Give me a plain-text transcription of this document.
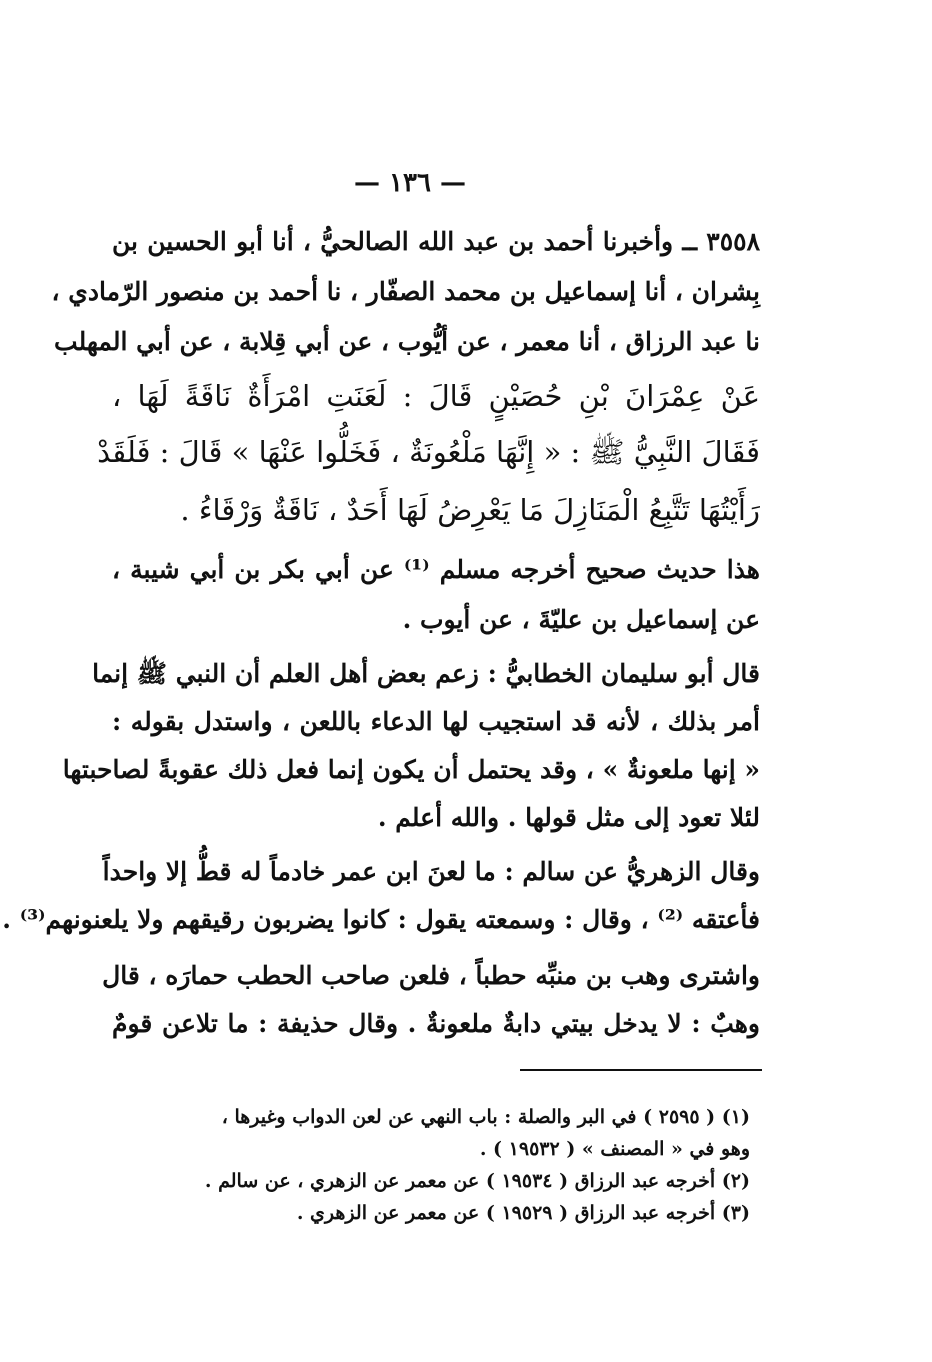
— ١٣٦ —
٣٥٥٨ ــ وأخبرنا أحمد بن عبد الله الصالحيُّ ، أنا أبو الحسين بن
بِشران ، أنا إسماعيل بن محمد الصفّار ، نا أحمد بن منصور الرّمادي ،
نا عبد الرزاق ، أنا معمر ، عن أيُّوب ، عن أبي قِلابة ، عن أبي المهلب
عَنْ عِمْرَانَ بْنِ حُصَيْنٍ قَالَ : لَعَنَتِ امْرَأَةٌ نَاقَةً لَهَا ،
فَقَالَ النَّبِيُّ ﷺ : « إِنَّهَا مَلْعُونَةٌ ، فَخَلُّوا عَنْهَا » قَالَ : فَلَقَدْ
رَأَيْتُهَا تَتَّبِعُ الْمَنَازِلَ مَا يَعْرِضُ لَهَا أَحَدٌ ، نَاقَةٌ وَرْقَاءُ .
هذا حديث صحيح أخرجه مسلم ⁽¹⁾ عن أبي بكر بن أبي شيبة ،
عن إسماعيل بن عليّةَ ، عن أيوب .
قال أبو سليمان الخطابيُّ : زعم بعض أهل العلم أن النبي ﷺ إنما
أمر بذلك ، لأنه قد استجيب لها الدعاء باللعن ، واستدل بقوله :
« إنها ملعونةٌ » ، وقد يحتمل أن يكون إنما فعل ذلك عقوبةً لصاحبتها
لئلا تعود إلى مثل قولها . والله أعلم .
وقال الزهريُّ عن سالم : ما لعنَ ابن عمر خادماً له قطُّ إلا واحداً
فأعتقه ⁽²⁾ ، وقال : وسمعته يقول : كانوا يضربون رقيقهم ولا يلعنونهم⁽³⁾ .
واشترى وهب بن منبِّه حطباً ، فلعن صاحب الحطب حمارَه ، قال
وهبٌ : لا يدخل بيتي دابةٌ ملعونةٌ . وقال حذيفة : ما تلاعن قومٌ
(١) ( ٢٥٩٥ ) في البر والصلة : باب النهي عن لعن الدواب وغيرها ،
وهو في « المصنف » ( ١٩٥٣٢ ) .
(٢) أخرجه عبد الرزاق ( ١٩٥٣٤ ) عن معمر عن الزهري ، عن سالم .
(٣) أخرجه عبد الرزاق ( ١٩٥٢٩ ) عن معمر عن الزهري .
